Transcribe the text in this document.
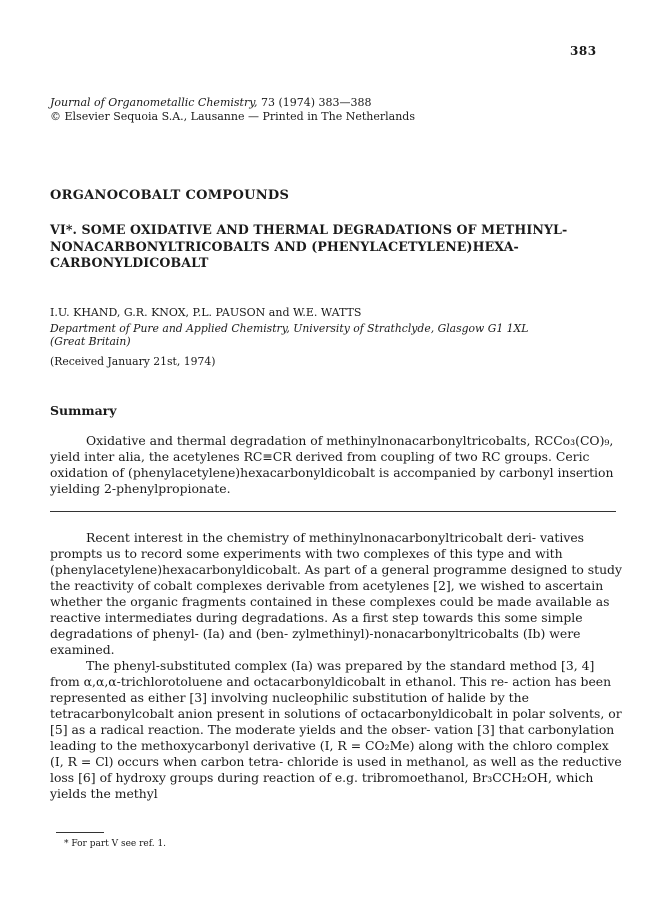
383
Journal of Organometallic Chemistry, 73 (1974) 383—388
© Elsevier Sequoia S.A., Lausanne — Printed in The Netherlands
ORGANOCOBALT COMPOUNDS
VI*. SOME OXIDATIVE AND THERMAL DEGRADATIONS OF METHINYL-
NONACARBONYLTRICOBALTS AND (PHENYLACETYLENE)HEXA-
CARBONYLDICOBALT
I.U. KHAND, G.R. KNOX, P.L. PAUSON and W.E. WATTS
Department of Pure and Applied Chemistry, University of Strathclyde, Glasgow G1 1XL
(Great Britain)
(Received January 21st, 1974)
Summary
Oxidative and thermal degradation of methinylnonacarbonyltricobalts, RCCo₃(CO)₉, yield inter alia, the acetylenes RC≡CR derived from coupling of two RC groups. Ceric oxidation of (phenylacetylene)hexacarbonyldicobalt is accompanied by carbonyl insertion yielding 2-phenylpropionate.

Recent interest in the chemistry of methinylnonacarbonyltricobalt deri- vatives prompts us to record some experiments with two complexes of this type and with (phenylacetylene)hexacarbonyldicobalt. As part of a general programme designed to study the reactivity of cobalt complexes derivable from acetylenes [2], we wished to ascertain whether the organic fragments contained in these complexes could be made available as reactive intermediates during degradations. As a first step towards this some simple degradations of phenyl- (Ia) and (ben- zylmethinyl)-nonacarbonyltricobalts (Ib) were examined.

The phenyl-substituted complex (Ia) was prepared by the standard method [3, 4] from α,α,α-trichlorotoluene and octacarbonyldicobalt in ethanol. This re- action has been represented as either [3] involving nucleophilic substitution of halide by the tetracarbonylcobalt anion present in solutions of octacarbonyldicobalt in polar solvents, or [5] as a radical reaction. The moderate yields and the obser- vation [3] that carbonylation leading to the methoxycarbonyl derivative (I, R = CO₂Me) along with the chloro complex (I, R = Cl) occurs when carbon tetra- chloride is used in methanol, as well as the reductive loss [6] of hydroxy groups during reaction of e.g. tribromoethanol, Br₃CCH₂OH, which yields the methyl

* For part V see ref. 1.
